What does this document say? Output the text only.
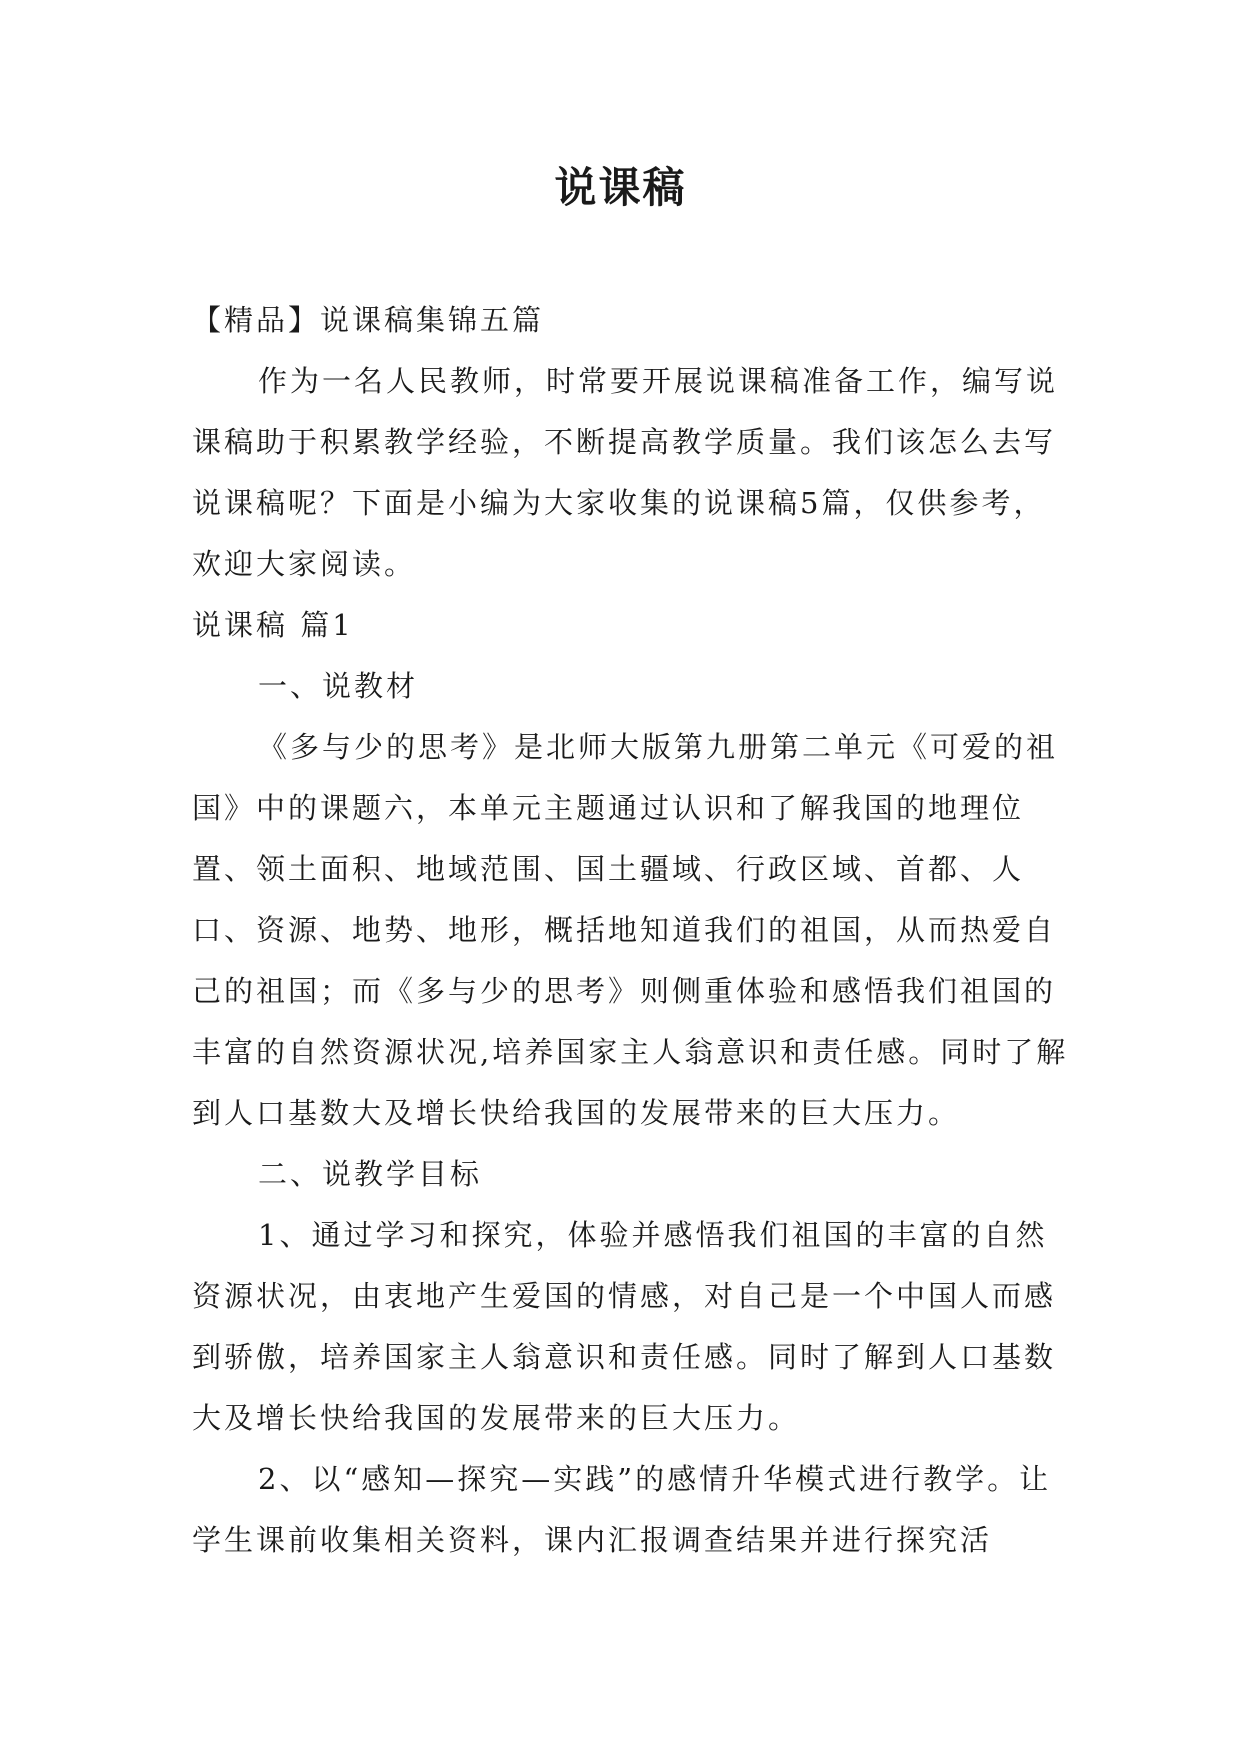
说课稿

【精品】说课稿集锦五篇

作为一名人民教师，时常要开展说课稿准备工作，编写说课稿助于积累教学经验，不断提高教学质量。我们该怎么去写说课稿呢？下面是小编为大家收集的说课稿5篇，仅供参考，欢迎大家阅读。

说课稿 篇1

一、说教材

《多与少的思考》是北师大版第九册第二单元《可爱的祖国》中的课题六，本单元主题通过认识和了解我国的地理位置、领土面积、地域范围、国土疆域、行政区域、首都、人口、资源、地势、地形，概括地知道我们的祖国，从而热爱自己的祖国；而《多与少的思考》则侧重体验和感悟我们祖国的丰富的自然资源状况,培养国家主人翁意识和责任感。同时了解到人口基数大及增长快给我国的发展带来的巨大压力。

二、说教学目标

1、通过学习和探究，体验并感悟我们祖国的丰富的自然资源状况，由衷地产生爱国的情感，对自己是一个中国人而感到骄傲，培养国家主人翁意识和责任感。同时了解到人口基数大及增长快给我国的发展带来的巨大压力。

2、以“感知—探究—实践”的感情升华模式进行教学。让学生课前收集相关资料，课内汇报调查结果并进行探究活
